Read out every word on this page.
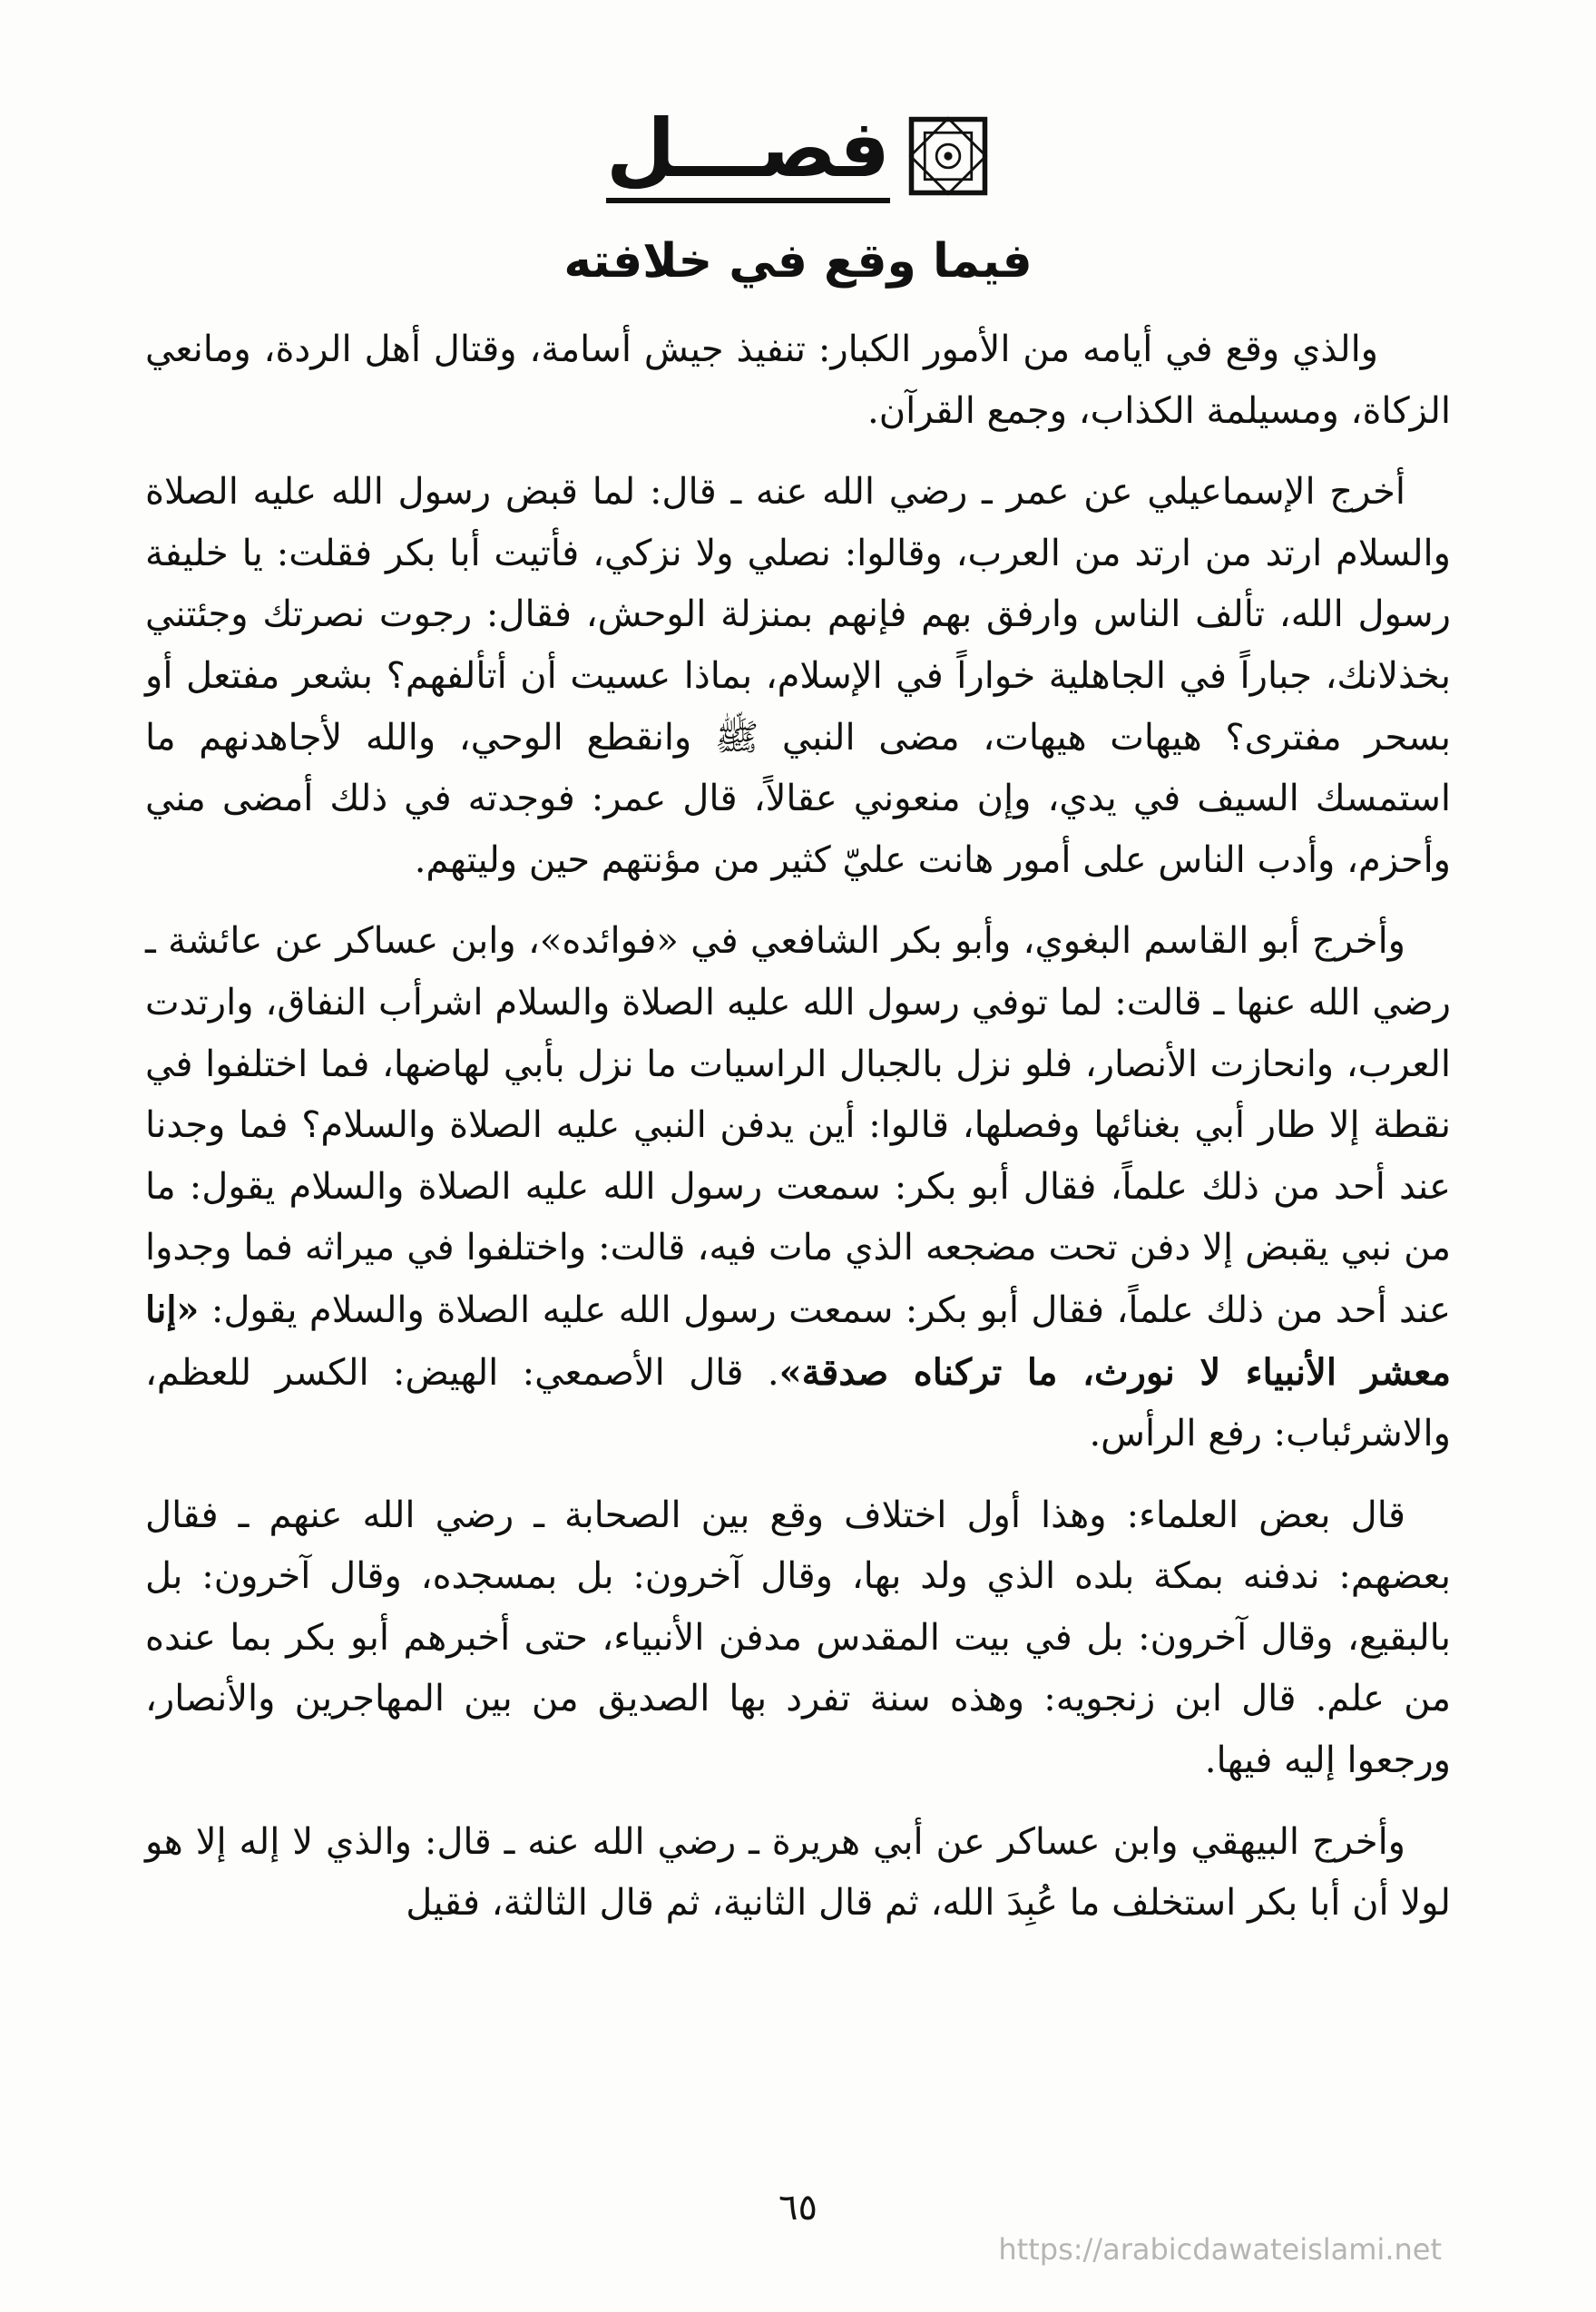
فصـــل
فيما وقع في خلافته

والذي وقع في أيامه من الأمور الكبار: تنفيذ جيش أسامة، وقتال أهل الردة، ومانعي الزكاة، ومسيلمة الكذاب، وجمع القرآن.

أخرج الإسماعيلي عن عمر ـ رضي الله عنه ـ قال: لما قبض رسول الله عليه الصلاة والسلام ارتد من ارتد من العرب، وقالوا: نصلي ولا نزكي، فأتيت أبا بكر فقلت: يا خليفة رسول الله، تألف الناس وارفق بهم فإنهم بمنزلة الوحش، فقال: رجوت نصرتك وجئتني بخذلانك، جباراً في الجاهلية خواراً في الإسلام، بماذا عسيت أن أتألفهم؟ بشعر مفتعل أو بسحر مفترى؟ هيهات هيهات، مضى النبي ﷺ وانقطع الوحي، والله لأجاهدنهم ما استمسك السيف في يدي، وإن منعوني عقالاً، قال عمر: فوجدته في ذلك أمضى مني وأحزم، وأدب الناس على أمور هانت عليّ كثير من مؤنتهم حين وليتهم.

وأخرج أبو القاسم البغوي، وأبو بكر الشافعي في «فوائده»، وابن عساكر عن عائشة ـ رضي الله عنها ـ قالت: لما توفي رسول الله عليه الصلاة والسلام اشرأب النفاق، وارتدت العرب، وانحازت الأنصار، فلو نزل بالجبال الراسيات ما نزل بأبي لهاضها، فما اختلفوا في نقطة إلا طار أبي بغنائها وفصلها، قالوا: أين يدفن النبي عليه الصلاة والسلام؟ فما وجدنا عند أحد من ذلك علماً، فقال أبو بكر: سمعت رسول الله عليه الصلاة والسلام يقول: ما من نبي يقبض إلا دفن تحت مضجعه الذي مات فيه، قالت: واختلفوا في ميراثه فما وجدوا عند أحد من ذلك علماً، فقال أبو بكر: سمعت رسول الله عليه الصلاة والسلام يقول: «إنا معشر الأنبياء لا نورث، ما تركناه صدقة». قال الأصمعي: الهيض: الكسر للعظم، والاشرئباب: رفع الرأس.

قال بعض العلماء: وهذا أول اختلاف وقع بين الصحابة ـ رضي الله عنهم ـ فقال بعضهم: ندفنه بمكة بلده الذي ولد بها، وقال آخرون: بل بمسجده، وقال آخرون: بل بالبقيع، وقال آخرون: بل في بيت المقدس مدفن الأنبياء، حتى أخبرهم أبو بكر بما عنده من علم. قال ابن زنجويه: وهذه سنة تفرد بها الصديق من بين المهاجرين والأنصار، ورجعوا إليه فيها.

وأخرج البيهقي وابن عساكر عن أبي هريرة ـ رضي الله عنه ـ قال: والذي لا إله إلا هو لولا أن أبا بكر استخلف ما عُبِدَ الله، ثم قال الثانية، ثم قال الثالثة، فقيل

٦٥
https://arabicdawateislami.net
